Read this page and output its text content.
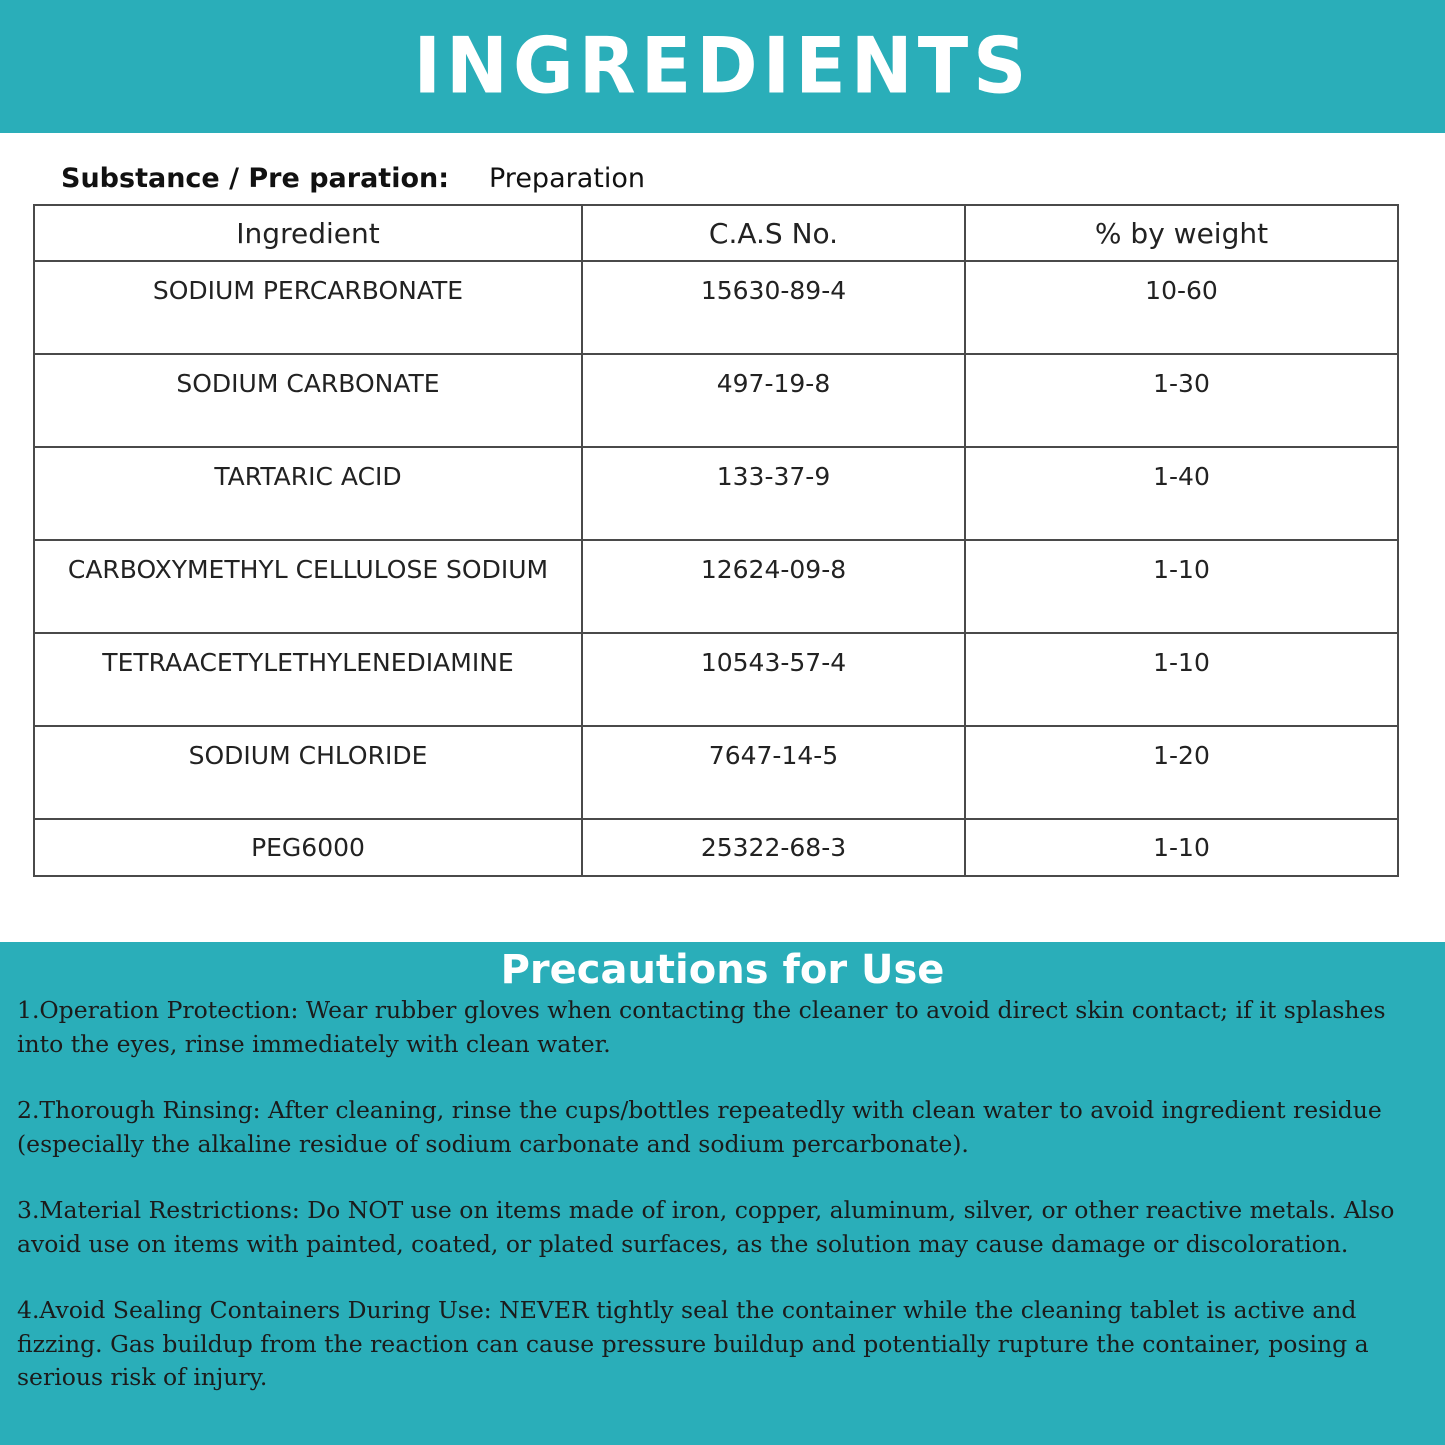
INGREDIENTS
Substance / Pre paration: Preparation
Ingredient	C.A.S No.	% by weight
SODIUM PERCARBONATE	15630-89-4	10-60
SODIUM CARBONATE	497-19-8	1-30
TARTARIC ACID	133-37-9	1-40
CARBOXYMETHYL CELLULOSE SODIUM	12624-09-8	1-10
TETRAACETYLETHYLENEDIAMINE	10543-57-4	1-10
SODIUM CHLORIDE	7647-14-5	1-20
PEG6000	25322-68-3	1-10
Precautions for Use

1.Operation Protection: Wear rubber gloves when contacting the cleaner to avoid direct skin contact; if it splashes into the eyes, rinse immediately with clean water.

2.Thorough Rinsing: After cleaning, rinse the cups/bottles repeatedly with clean water to avoid ingredient residue (especially the alkaline residue of sodium carbonate and sodium percarbonate).

3.Material Restrictions: Do NOT use on items made of iron, copper, aluminum, silver, or other reactive metals. Also avoid use on items with painted, coated, or plated surfaces, as the solution may cause damage or discoloration.

4.Avoid Sealing Containers During Use: NEVER tightly seal the container while the cleaning tablet is active and fizzing. Gas buildup from the reaction can cause pressure buildup and potentially rupture the container, posing a serious risk of injury.
